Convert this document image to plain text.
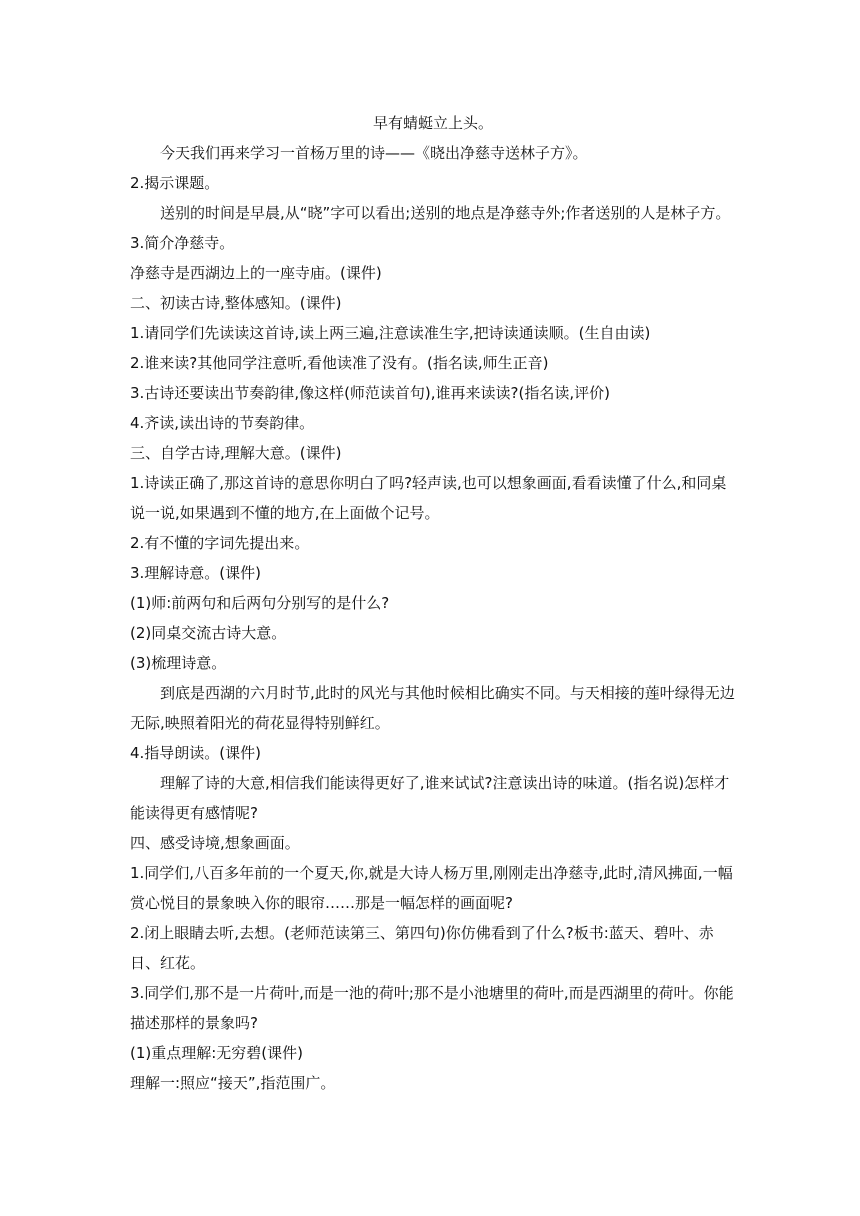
早有蜻蜓立上头。

今天我们再来学习一首杨万里的诗——《晓出净慈寺送林子方》。

2.揭示课题。

送别的时间是早晨,从“晓”字可以看出;送别的地点是净慈寺外;作者送别的人是林子方。

3.简介净慈寺。

净慈寺是西湖边上的一座寺庙。(课件)

二、初读古诗,整体感知。(课件)

1.请同学们先读读这首诗,读上两三遍,注意读准生字,把诗读通读顺。(生自由读)

2.谁来读?其他同学注意听,看他读准了没有。(指名读,师生正音)

3.古诗还要读出节奏韵律,像这样(师范读首句),谁再来读读?(指名读,评价)

4.齐读,读出诗的节奏韵律。

三、自学古诗,理解大意。(课件)

1.诗读正确了,那这首诗的意思你明白了吗?轻声读,也可以想象画面,看看读懂了什么,和同桌说一说,如果遇到不懂的地方,在上面做个记号。

2.有不懂的字词先提出来。

3.理解诗意。(课件)

(1)师:前两句和后两句分别写的是什么?

(2)同桌交流古诗大意。

(3)梳理诗意。

到底是西湖的六月时节,此时的风光与其他时候相比确实不同。与天相接的莲叶绿得无边无际,映照着阳光的荷花显得特别鲜红。

4.指导朗读。(课件)

理解了诗的大意,相信我们能读得更好了,谁来试试?注意读出诗的味道。(指名说)怎样才能读得更有感情呢?

四、感受诗境,想象画面。

1.同学们,八百多年前的一个夏天,你,就是大诗人杨万里,刚刚走出净慈寺,此时,清风拂面,一幅赏心悦目的景象映入你的眼帘……那是一幅怎样的画面呢?

2.闭上眼睛去听,去想。(老师范读第三、第四句)你仿佛看到了什么?板书:蓝天、碧叶、赤日、红花。

3.同学们,那不是一片荷叶,而是一池的荷叶;那不是小池塘里的荷叶,而是西湖里的荷叶。你能描述那样的景象吗?

(1)重点理解:无穷碧(课件)

理解一:照应“接天”,指范围广。
